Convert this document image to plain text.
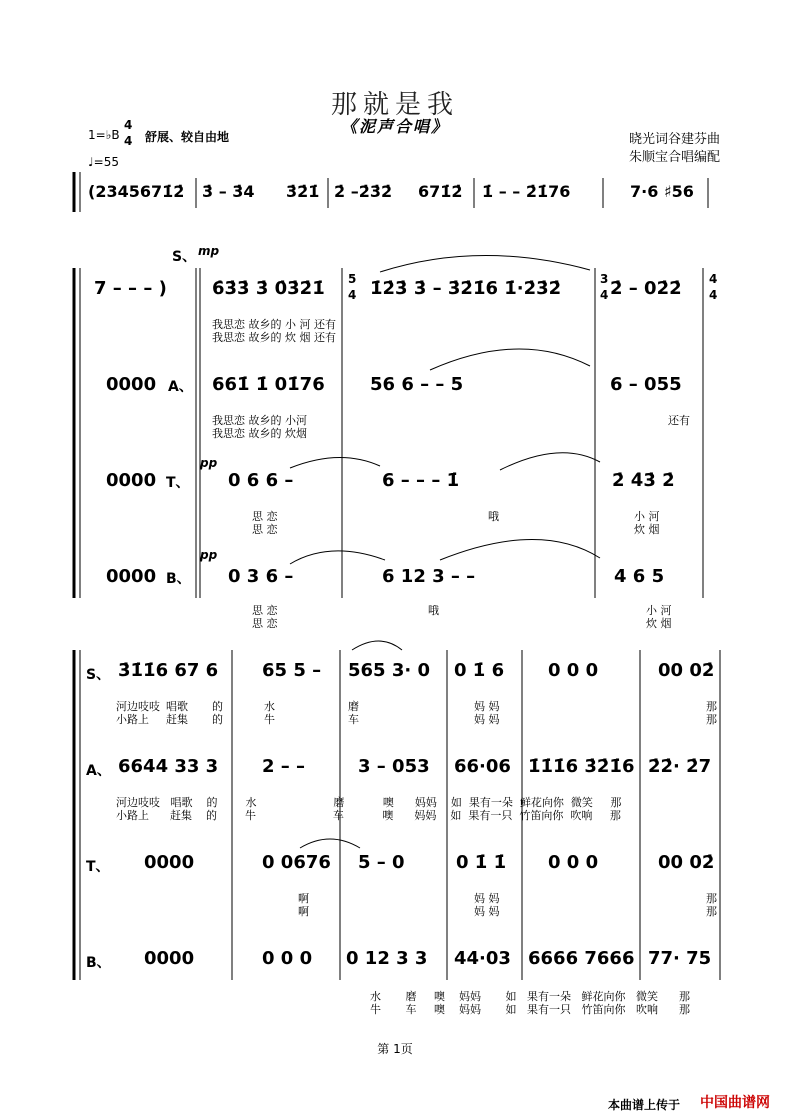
那就是我
《泥声合唱》
1=♭B
4
4 舒展、较自由地
♩=55
晓光词谷建芬曲
朱顺宝合唱编配
(2345671̇2̇ 3̇ – 3̇4 3̇2̇1̇ 2̇ –2̇3̇2̇ 671̇2̇ 1̇ – – 2̇1̇76	7·6 ♯56
S、 mp
7 – – – )	6̇3̇3̇ 3̇ 0̇3̇2̇1̇	1̇2̇3̇ 3̇ – 3̇2̇1̇6 1̇·2̇3̇2̇	2̇ – 02̇2̇
我思恋 故乡的 小 河 还有
我思恋 故乡的 炊 烟 还有
0000 A、 661̇ 1̇ 01̇76	56 6 – – 5	6 – 055
我思恋 故乡的 小河
我思恋 故乡的 炊烟
还有
0000 T、
pp
0 6 6 –	6 – – – 1̇	2̇ 4̇3̇ 2̇
思 恋
思 恋
哦	小 河
炊 烟
0000 B、
pp
0 3 6 –	6 12 3 – –	4 6 5
思 恋
思 恋
哦	小 河
炊 烟
5
4
3
4
4
4
S、 3̇1̇1̇6 67 6 65 5 – 565 3· 0 0 1̇ 6 0 0 0	00 02̇
河边吱吱 唱歌 的	水	磨	妈 妈	那
小路上 赶集 的	牛	车	妈 妈	那
A、 6644 33 3 2 – –	3 – 053 66·06 1̇1̇1̇6 3̇2̇1̇6 2̇2̇· 2̇7
河边吱吱 唱歌 的	水	磨	噢 妈妈 如 果有一朵 鲜花向你 微笑 那
小路上 赶集 的	牛	车	噢 妈妈 如 果有一只 竹笛向你 吹响 那
T、 0000	0 0676 5 – 0	0 1̇ 1̇ 0 0 0	00 02̇
啊	妈 妈	那
啊	妈 妈	那
B、 0000	0 0 0 0 12 3 3 44·03 6666 7666 77· 75
水 磨 噢 妈妈 如 果有一朵 鲜花向你 微笑 那
牛 车 噢 妈妈 如 果有一只 竹笛向你 吹响 那
第 1页
本曲谱上传于 中国曲谱网
